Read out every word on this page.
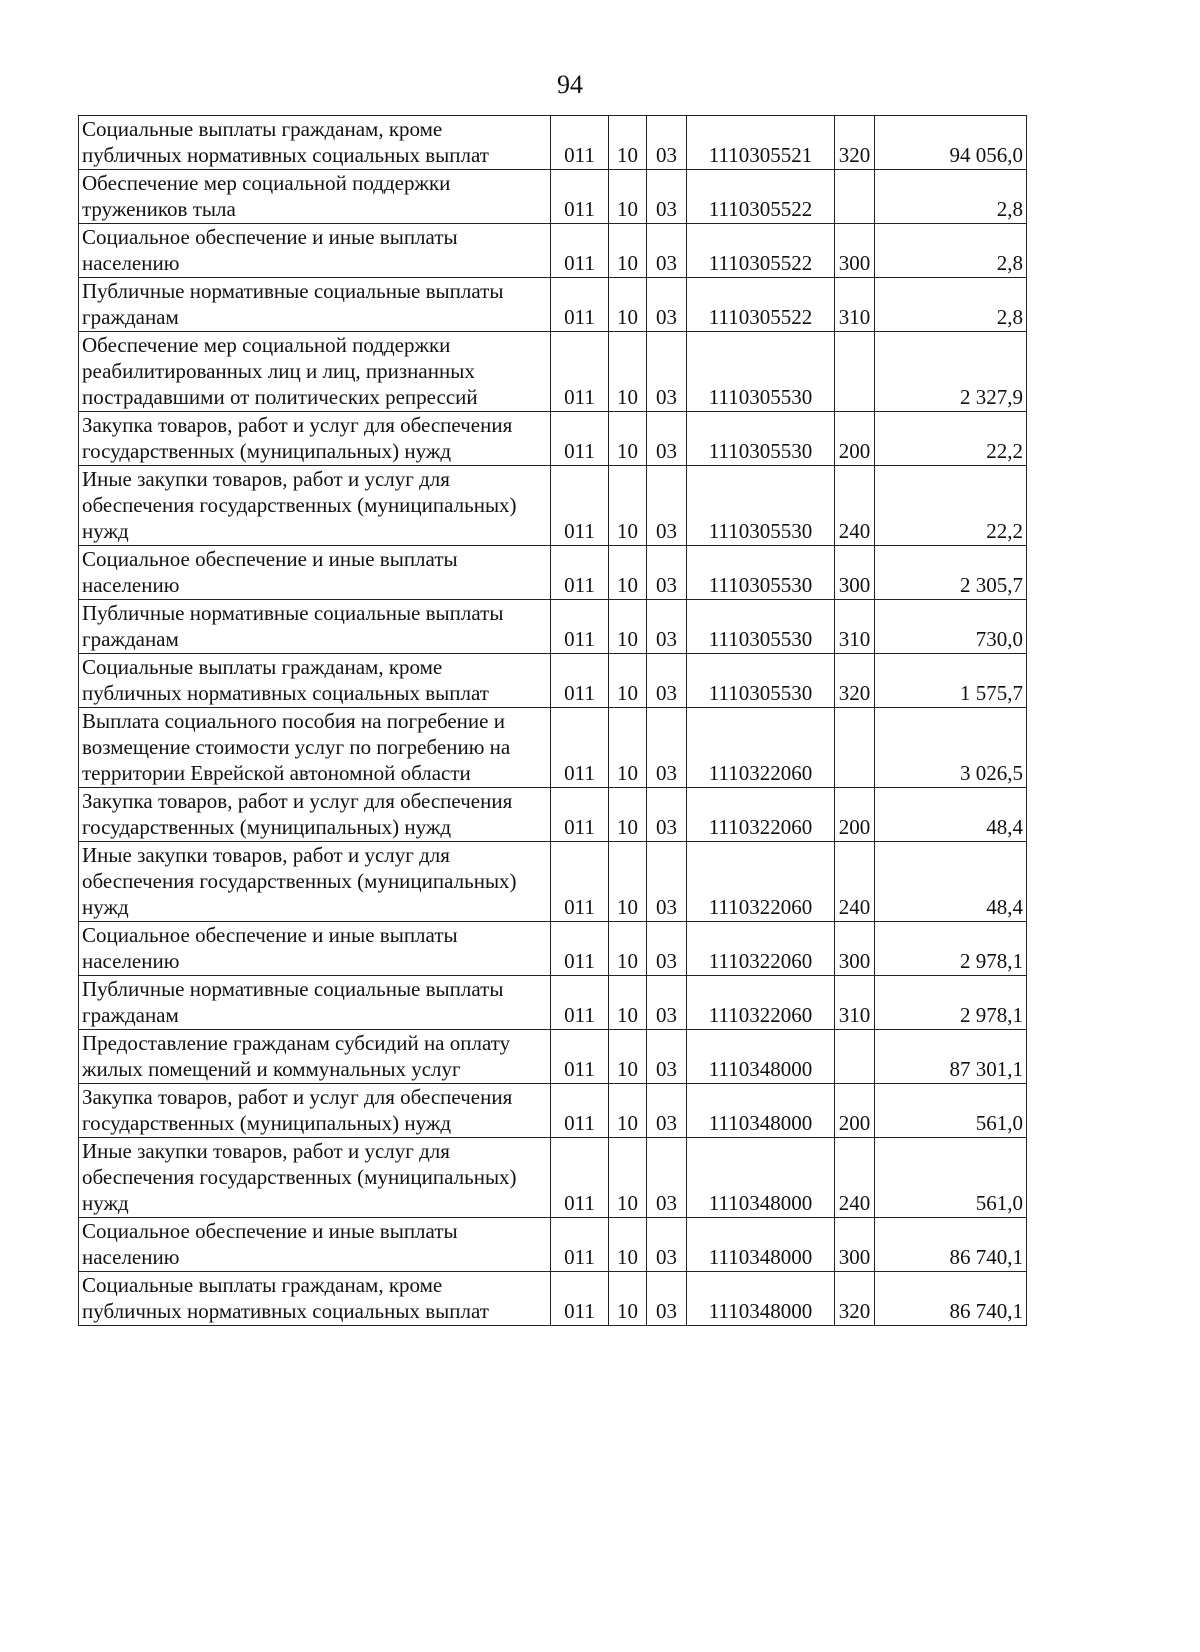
94
Социальные выплаты гражданам, кроме публичных нормативных социальных выплат	011	10	03	1110305521	320	94 056,0
Обеспечение мер социальной поддержки тружеников тыла	011	10	03	1110305522		2,8
Социальное обеспечение и иные выплаты населению	011	10	03	1110305522	300	2,8
Публичные нормативные социальные выплаты гражданам	011	10	03	1110305522	310	2,8
Обеспечение мер социальной поддержки реабилитированных лиц и лиц, признанных пострадавшими от политических репрессий	011	10	03	1110305530		2 327,9
Закупка товаров, работ и услуг для обеспечения государственных (муниципальных) нужд	011	10	03	1110305530	200	22,2
Иные закупки товаров, работ и услуг для обеспечения государственных (муниципальных) нужд	011	10	03	1110305530	240	22,2
Социальное обеспечение и иные выплаты населению	011	10	03	1110305530	300	2 305,7
Публичные нормативные социальные выплаты гражданам	011	10	03	1110305530	310	730,0
Социальные выплаты гражданам, кроме публичных нормативных социальных выплат	011	10	03	1110305530	320	1 575,7
Выплата социального пособия на погребение и возмещение стоимости услуг по погребению на территории Еврейской автономной области	011	10	03	1110322060		3 026,5
Закупка товаров, работ и услуг для обеспечения государственных (муниципальных) нужд	011	10	03	1110322060	200	48,4
Иные закупки товаров, работ и услуг для обеспечения государственных (муниципальных) нужд	011	10	03	1110322060	240	48,4
Социальное обеспечение и иные выплаты населению	011	10	03	1110322060	300	2 978,1
Публичные нормативные социальные выплаты гражданам	011	10	03	1110322060	310	2 978,1
Предоставление гражданам субсидий на оплату жилых помещений и коммунальных услуг	011	10	03	1110348000		87 301,1
Закупка товаров, работ и услуг для обеспечения государственных (муниципальных) нужд	011	10	03	1110348000	200	561,0
Иные закупки товаров, работ и услуг для обеспечения государственных (муниципальных) нужд	011	10	03	1110348000	240	561,0
Социальное обеспечение и иные выплаты населению	011	10	03	1110348000	300	86 740,1
Социальные выплаты гражданам, кроме публичных нормативных социальных выплат	011	10	03	1110348000	320	86 740,1
